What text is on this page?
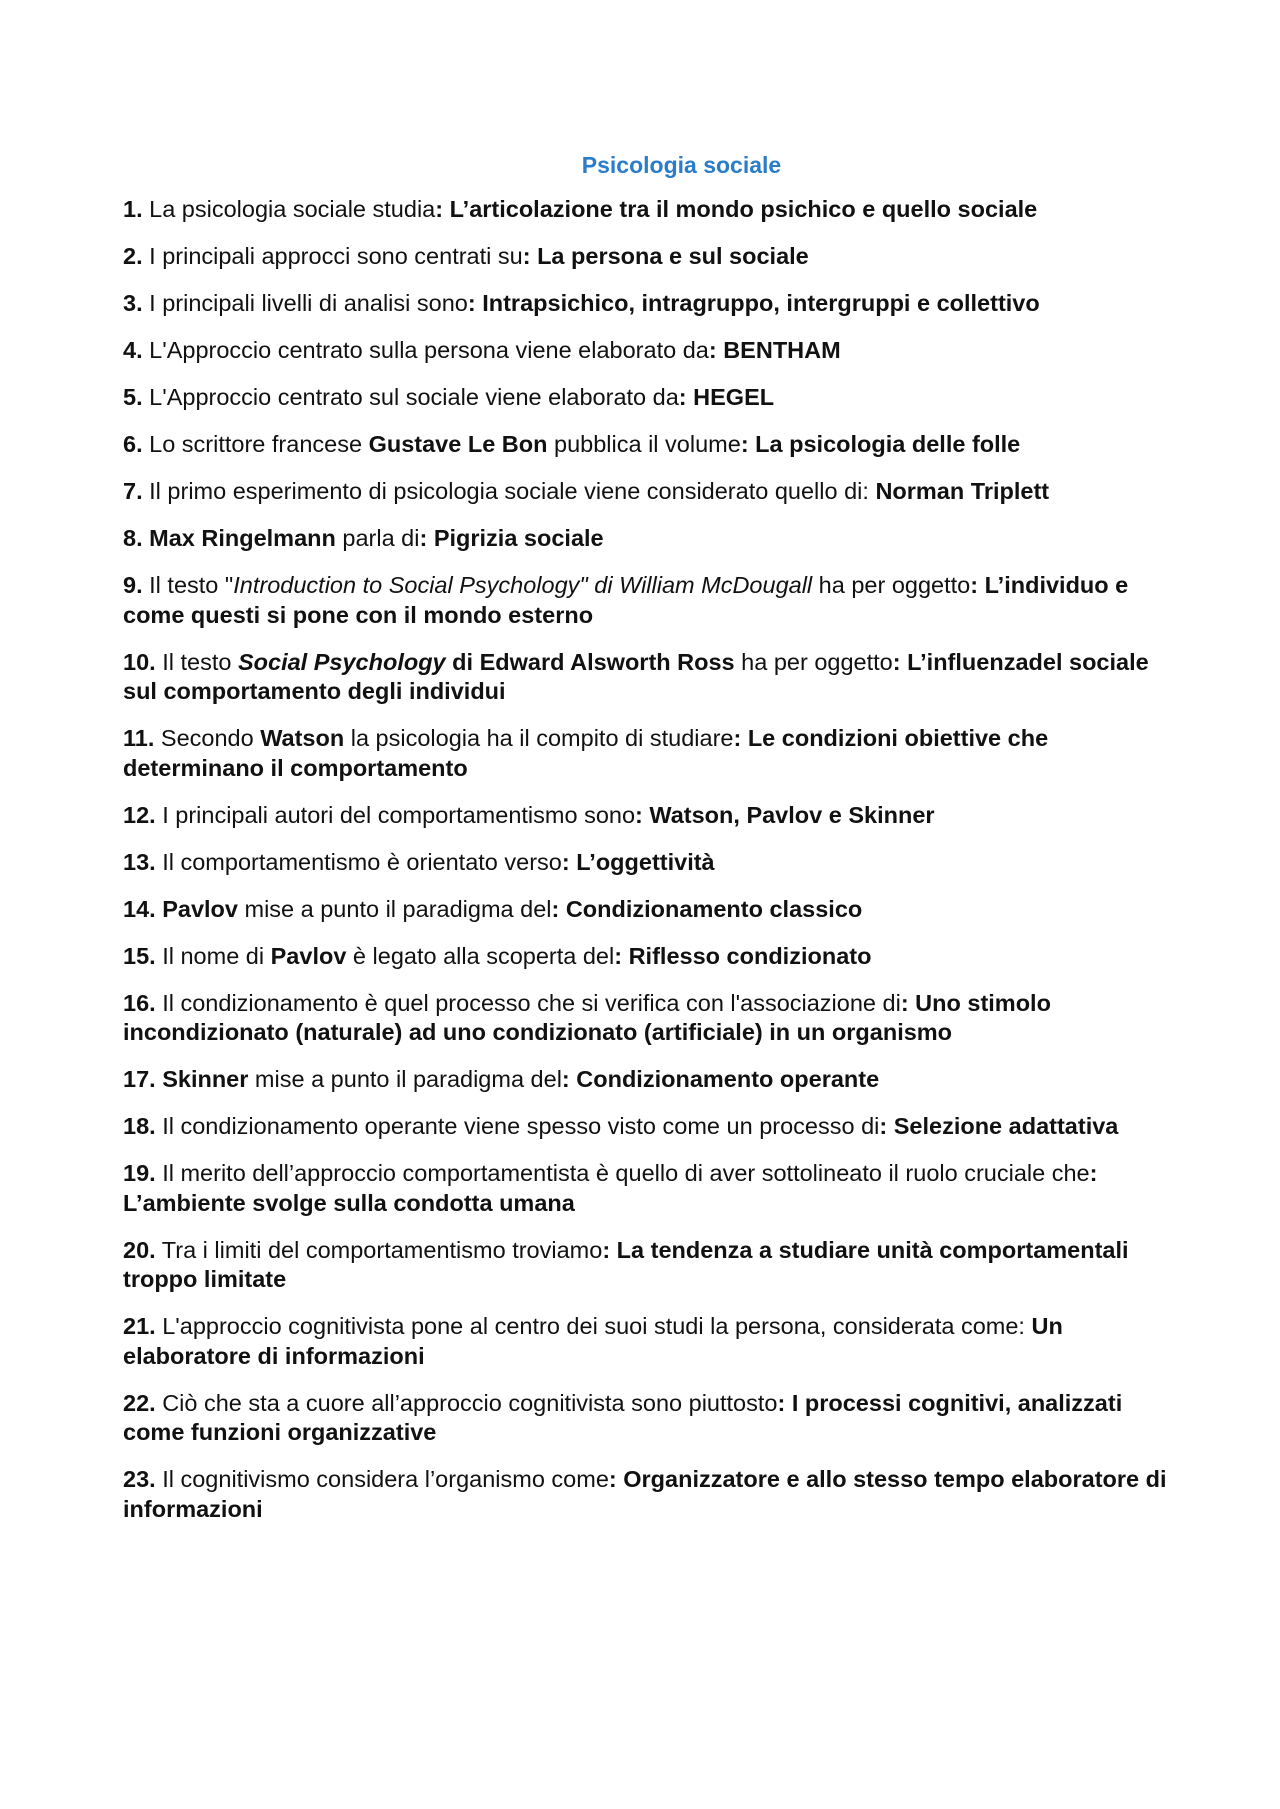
Psicologia sociale
1. La psicologia sociale studia: L’articolazione tra il mondo psichico e quello sociale
2. I principali approcci sono centrati su: La persona e sul sociale
3. I principali livelli di analisi sono: Intrapsichico, intragruppo, intergruppi e collettivo
4. L'Approccio centrato sulla persona viene elaborato da: BENTHAM
5. L'Approccio centrato sul sociale viene elaborato da: HEGEL
6. Lo scrittore francese Gustave Le Bon pubblica il volume: La psicologia delle folle
7. Il primo esperimento di psicologia sociale viene considerato quello di: Norman Triplett
8. Max Ringelmann parla di: Pigrizia sociale
9. Il testo "Introduction to Social Psychology" di William McDougall ha per oggetto: L’individuo e come questi si pone con il mondo esterno
10. Il testo Social Psychology di Edward Alsworth Ross ha per oggetto: L’influenzadel sociale sul comportamento degli individui
11. Secondo Watson la psicologia ha il compito di studiare: Le condizioni obiettive che determinano il comportamento
12. I principali autori del comportamentismo sono: Watson, Pavlov e Skinner
13. Il comportamentismo è orientato verso: L’oggettività
14. Pavlov mise a punto il paradigma del: Condizionamento classico
15. Il nome di Pavlov è legato alla scoperta del: Riflesso condizionato
16. Il condizionamento è quel processo che si verifica con l'associazione di: Uno stimolo incondizionato (naturale) ad uno condizionato (artificiale) in un organismo
17. Skinner mise a punto il paradigma del: Condizionamento operante
18. Il condizionamento operante viene spesso visto come un processo di: Selezione adattativa
19. Il merito dell’approccio comportamentista è quello di aver sottolineato il ruolo cruciale che: L’ambiente svolge sulla condotta umana
20. Tra i limiti del comportamentismo troviamo: La tendenza a studiare unità comportamentali troppo limitate
21. L'approccio cognitivista pone al centro dei suoi studi la persona, considerata come: Un elaboratore di informazioni
22. Ciò che sta a cuore all’approccio cognitivista sono piuttosto: I processi cognitivi, analizzati come funzioni organizzative
23. Il cognitivismo considera l’organismo come: Organizzatore e allo stesso tempo elaboratore di informazioni
